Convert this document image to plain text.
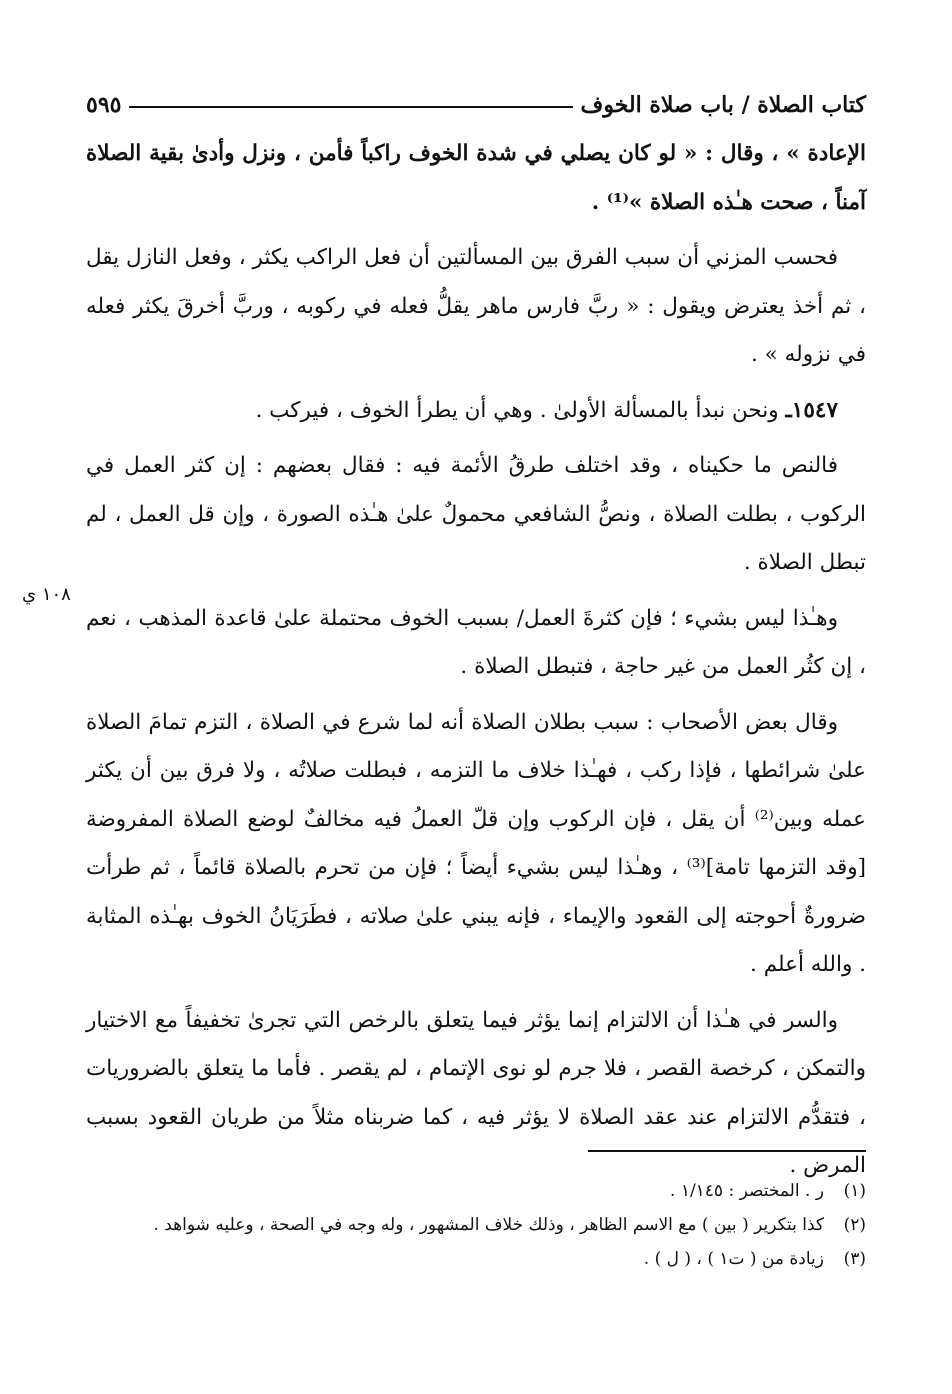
كتاب الصلاة / باب صلاة الخوف
٥٩٥

الإعادة » ، وقال : « لو كان يصلي في شدة الخوف راكباً فأمن ، ونزل وأدىٰ بقية الصلاة آمناً ، صحت هـٰذه الصلاة »⁽¹⁾ .

فحسب المزني أن سبب الفرق بين المسألتين أن فعل الراكب يكثر ، وفعل النازل يقل ، ثم أخذ يعترض ويقول : « ربَّ فارس ماهر يقلُّ فعله في ركوبه ، وربَّ أخرقَ يكثر فعله في نزوله » .

١٥٤٧ـ ونحن نبدأ بالمسألة الأولىٰ . وهي أن يطرأ الخوف ، فيركب .

فالنص ما حكيناه ، وقد اختلف طرقُ الأئمة فيه : فقال بعضهم : إن كثر العمل في الركوب ، بطلت الصلاة ، ونصُّ الشافعي محمولٌ علىٰ هـٰذه الصورة ، وإن قل العمل ، لم تبطل الصلاة .

وهـٰذا ليس بشيء ؛ فإن كثرةَ العمل/ بسبب الخوف محتملة علىٰ قاعدة المذهب ، نعم ، إن كثُر العمل من غير حاجة ، فتبطل الصلاة .

وقال بعض الأصحاب : سبب بطلان الصلاة أنه لما شرع في الصلاة ، التزم تمامَ الصلاة علىٰ شرائطها ، فإذا ركب ، فهـٰذا خلاف ما التزمه ، فبطلت صلاتُه ، ولا فرق بين أن يكثر عمله وبين⁽²⁾ أن يقل ، فإن الركوب وإن قلّ العملُ فيه مخالفٌ لوضع الصلاة المفروضة [وقد التزمها تامة]⁽³⁾ ، وهـٰذا ليس بشيء أيضاً ؛ فإن من تحرم بالصلاة قائماً ، ثم طرأت ضرورةٌ أحوجته إلى القعود والإيماء ، فإنه يبني علىٰ صلاته ، فطَرَيَانُ الخوف بهـٰذه المثابة . والله أعلم .

والسر في هـٰذا أن الالتزام إنما يؤثر فيما يتعلق بالرخص التي تجرىٰ تخفيفاً مع الاختيار والتمكن ، كرخصة القصر ، فلا جرم لو نوى الإتمام ، لم يقصر . فأما ما يتعلق بالضروريات ، فتقدُّم الالتزام عند عقد الصلاة لا يؤثر فيه ، كما ضربناه مثلاً من طريان القعود بسبب المرض .

١٠٨ ي
(١)
ر . المختصر : ١/١٤٥ .
(٢)
كذا بتكرير ( بين ) مع الاسم الظاهر ، وذلك خلاف المشهور ، وله وجه في الصحة ، وعليه شواهد .
(٣)
زيادة من ( ت١ ) ، ( ل ) .
